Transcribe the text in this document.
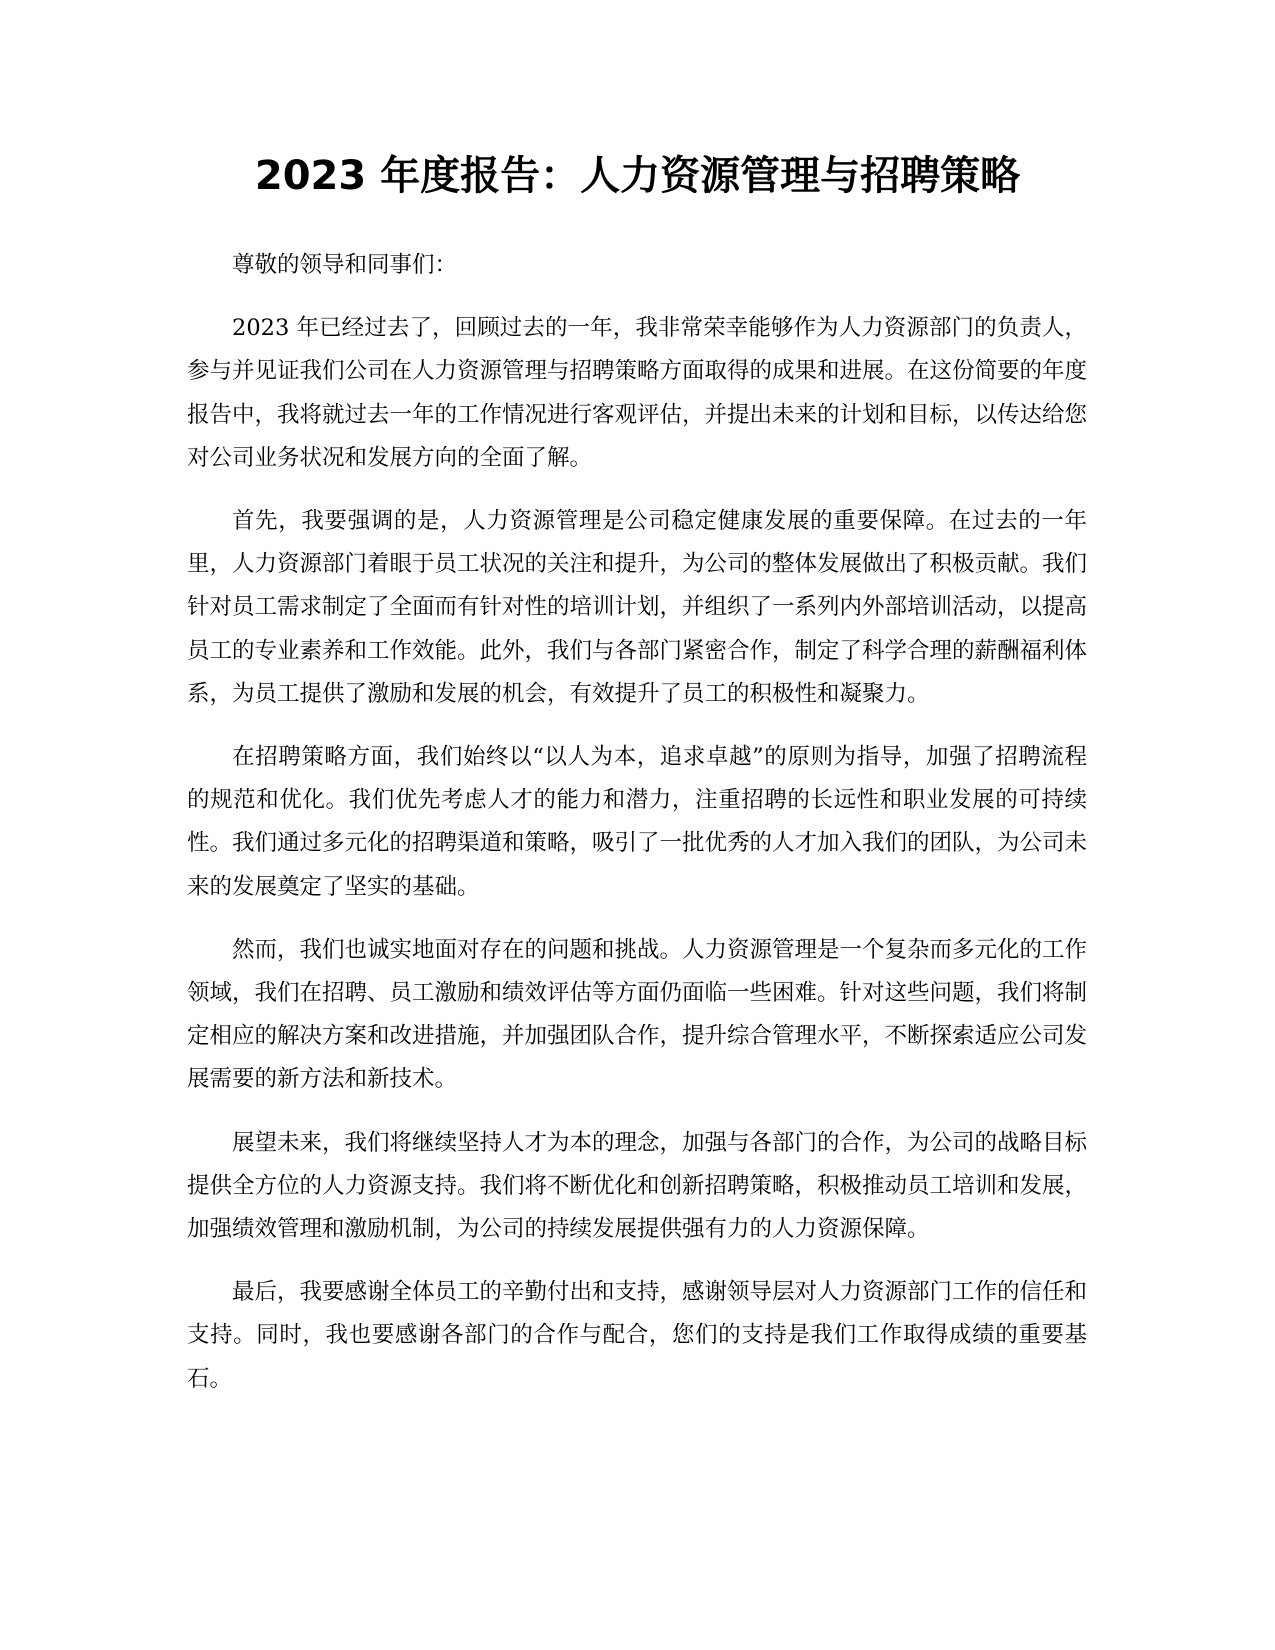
2023 年度报告：人力资源管理与招聘策略

尊敬的领导和同事们：

2023 年已经过去了，回顾过去的一年，我非常荣幸能够作为人力资源部门的负责人，参与并见证我们公司在人力资源管理与招聘策略方面取得的成果和进展。在这份简要的年度报告中，我将就过去一年的工作情况进行客观评估，并提出未来的计划和目标，以传达给您对公司业务状况和发展方向的全面了解。

首先，我要强调的是，人力资源管理是公司稳定健康发展的重要保障。在过去的一年里，人力资源部门着眼于员工状况的关注和提升，为公司的整体发展做出了积极贡献。我们针对员工需求制定了全面而有针对性的培训计划，并组织了一系列内外部培训活动，以提高员工的专业素养和工作效能。此外，我们与各部门紧密合作，制定了科学合理的薪酬福利体系，为员工提供了激励和发展的机会，有效提升了员工的积极性和凝聚力。

在招聘策略方面，我们始终以“以人为本，追求卓越”的原则为指导，加强了招聘流程的规范和优化。我们优先考虑人才的能力和潜力，注重招聘的长远性和职业发展的可持续性。我们通过多元化的招聘渠道和策略，吸引了一批优秀的人才加入我们的团队，为公司未来的发展奠定了坚实的基础。

然而，我们也诚实地面对存在的问题和挑战。人力资源管理是一个复杂而多元化的工作领域，我们在招聘、员工激励和绩效评估等方面仍面临一些困难。针对这些问题，我们将制定相应的解决方案和改进措施，并加强团队合作，提升综合管理水平，不断探索适应公司发展需要的新方法和新技术。

展望未来，我们将继续坚持人才为本的理念，加强与各部门的合作，为公司的战略目标提供全方位的人力资源支持。我们将不断优化和创新招聘策略，积极推动员工培训和发展，加强绩效管理和激励机制，为公司的持续发展提供强有力的人力资源保障。

最后，我要感谢全体员工的辛勤付出和支持，感谢领导层对人力资源部门工作的信任和支持。同时，我也要感谢各部门的合作与配合，您们的支持是我们工作取得成绩的重要基石。
